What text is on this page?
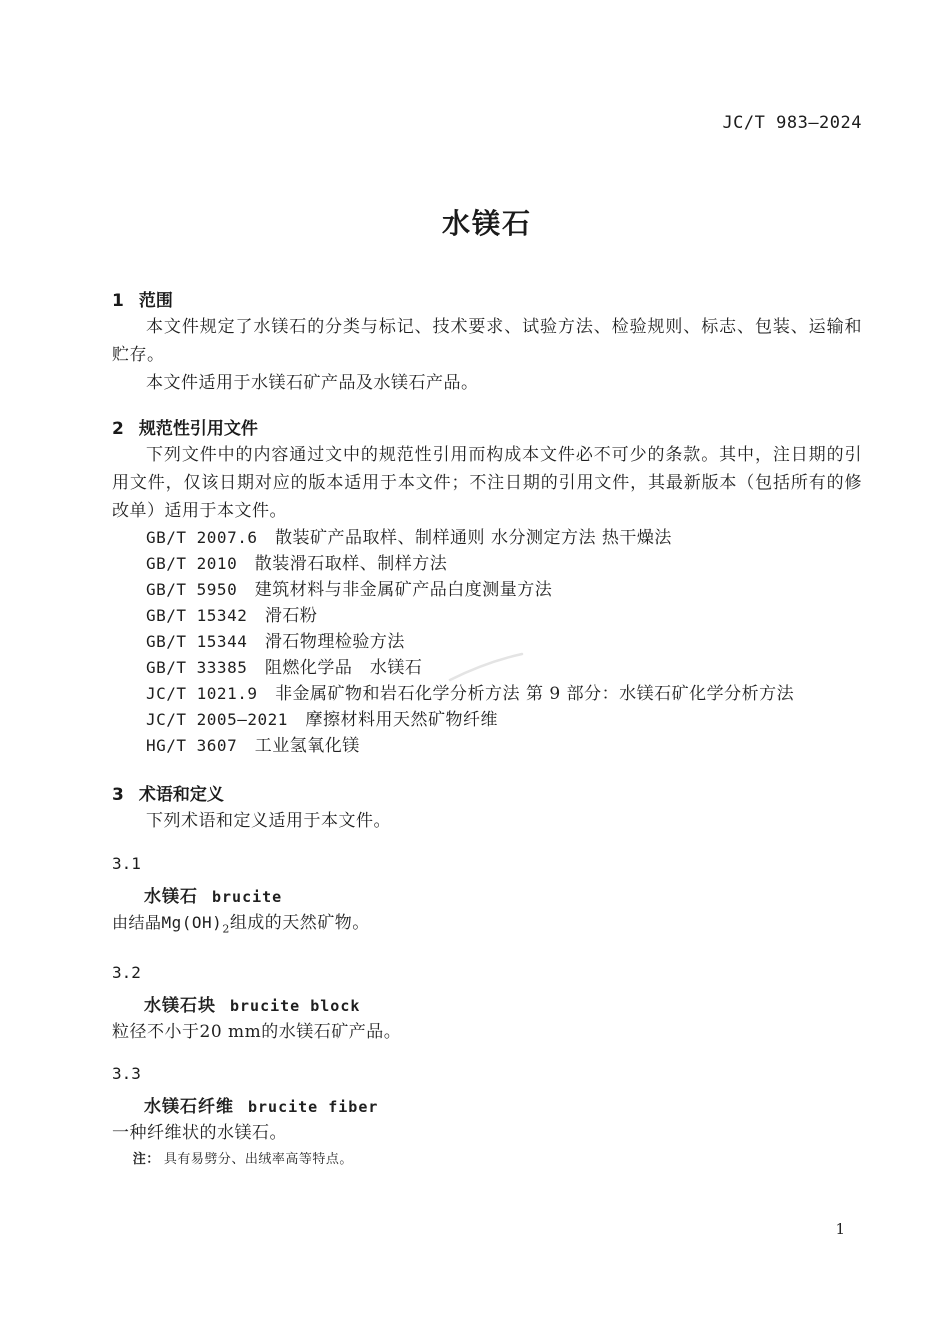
JC/T 983—2024
水镁石
1 范围

本文件规定了水镁石的分类与标记、技术要求、试验方法、检验规则、标志、包装、运输和贮存。

本文件适用于水镁石矿产品及水镁石产品。

2 规范性引用文件

下列文件中的内容通过文中的规范性引用而构成本文件必不可少的条款。其中，注日期的引用文件，仅该日期对应的版本适用于本文件；不注日期的引用文件，其最新版本（包括所有的修改单）适用于本文件。

GB/T 2007.6 散装矿产品取样、制样通则 水分测定方法 热干燥法
GB/T 2010 散装滑石取样、制样方法
GB/T 5950 建筑材料与非金属矿产品白度测量方法
GB/T 15342 滑石粉
GB/T 15344 滑石物理检验方法
GB/T 33385 阻燃化学品　水镁石
JC/T 1021.9 非金属矿物和岩石化学分析方法 第 9 部分：水镁石矿化学分析方法
JC/T 2005—2021 摩擦材料用天然矿物纤维
HG/T 3607 工业氢氧化镁
3 术语和定义

下列术语和定义适用于本文件。

3.1
水镁石 brucite

由结晶$Mg(OH)_2$组成的天然矿物。

3.2
水镁石块 brucite block

粒径不小于20 mm的水镁石矿产品。

3.3
水镁石纤维 brucite fiber

一种纤维状的水镁石。

注： 具有易劈分、出绒率高等特点。

1
